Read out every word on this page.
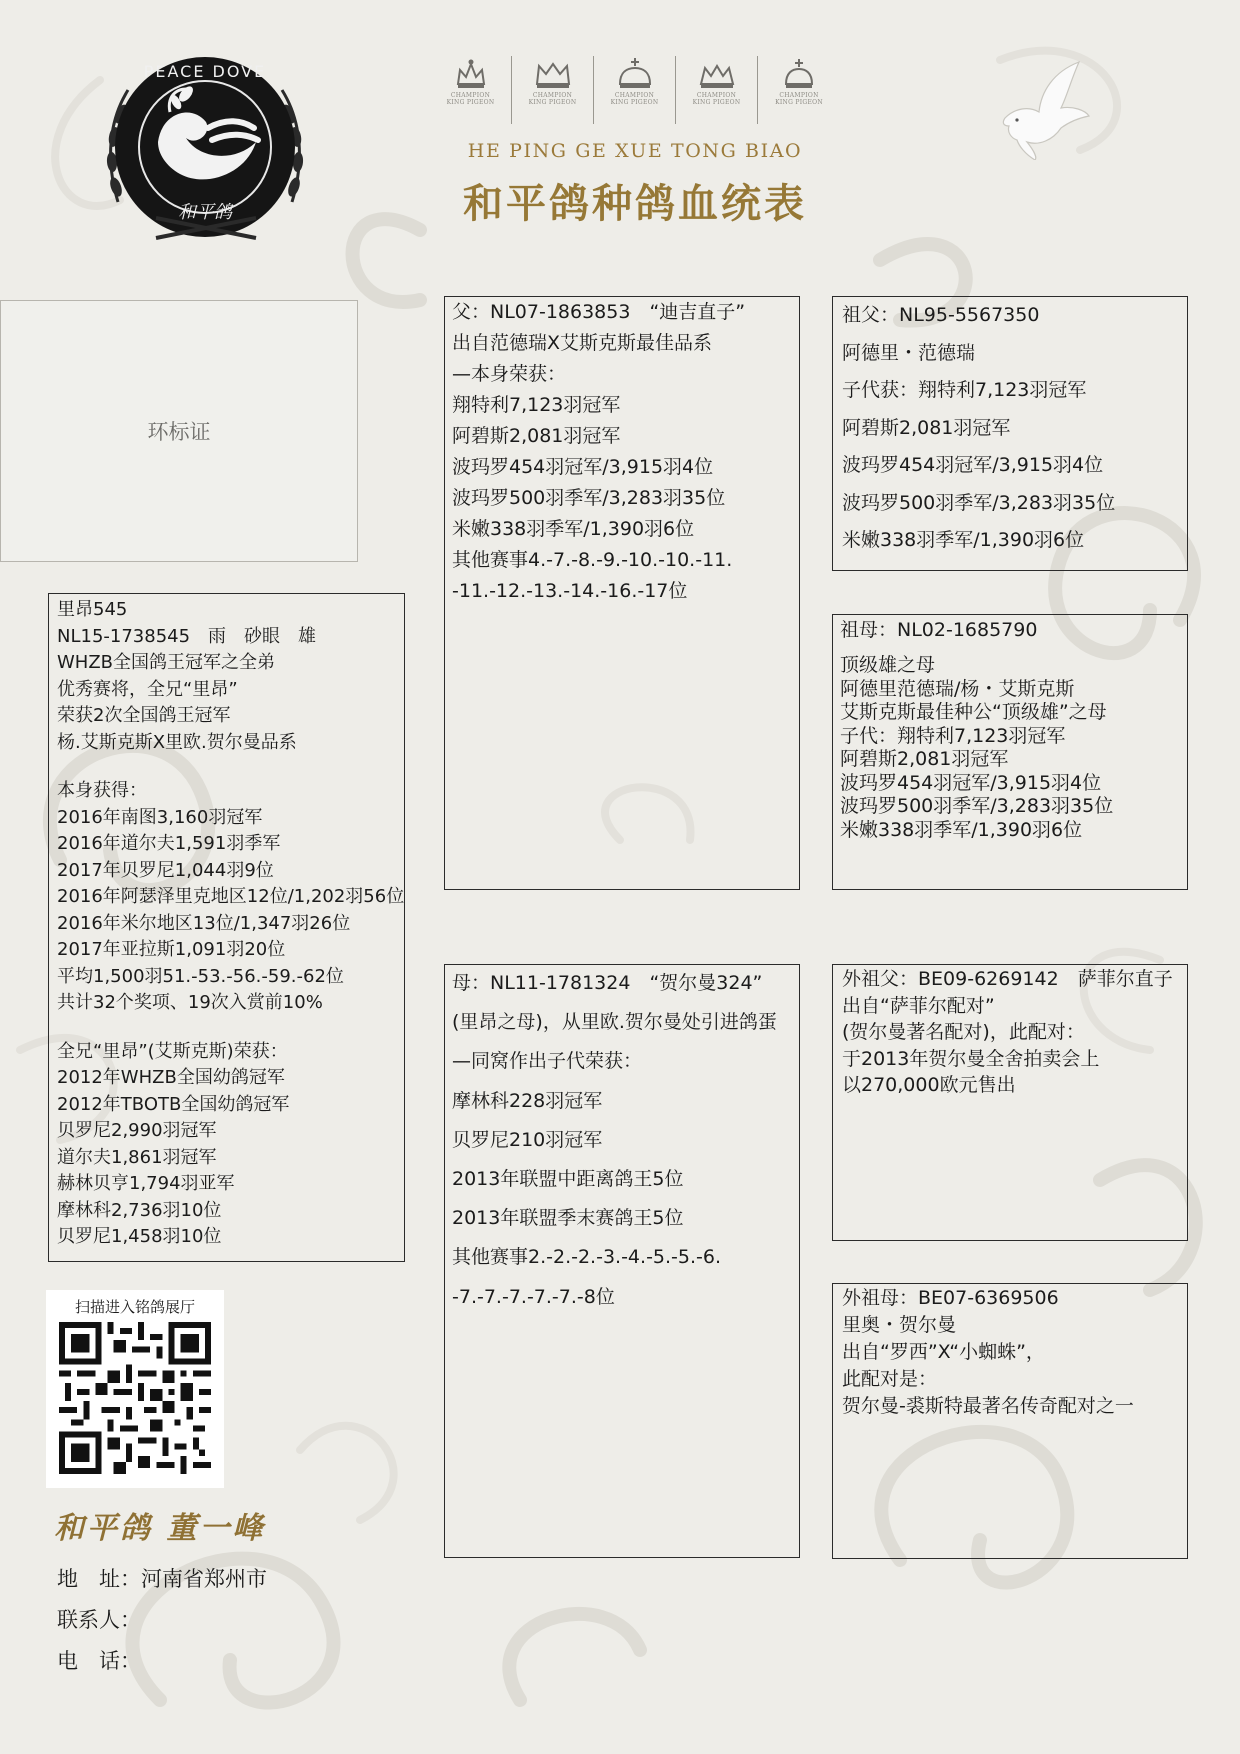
PEACE DOVE
和平鸽
CHAMPION
KING PIGEON
CHAMPION
KING PIGEON
CHAMPION
KING PIGEON
CHAMPION
KING PIGEON
CHAMPION
KING PIGEON
HE PING GE XUE TONG BIAO
和平鸽种鸽血统表
环标证
里昂545
NL15-1738545　雨　砂眼　雄
WHZB全国鸽王冠军之全弟
优秀赛将，全兄“里昂”
荣获2次全国鸽王冠军
杨.艾斯克斯X里欧.贺尔曼品系
本身获得：
2016年南图3,160羽冠军
2016年道尔夫1,591羽季军
2017年贝罗尼1,044羽9位
2016年阿瑟泽里克地区12位/1,202羽56位
2016年米尔地区13位/1,347羽26位
2017年亚拉斯1,091羽20位
平均1,500羽51.-53.-56.-59.-62位
共计32个奖项、19次入赏前10%
全兄“里昂”(艾斯克斯)荣获：
2012年WHZB全国幼鸽冠军
2012年TBOTB全国幼鸽冠军
贝罗尼2,990羽冠军
道尔夫1,861羽冠军
赫林贝亨1,794羽亚军
摩林科2,736羽10位
贝罗尼1,458羽10位
父：NL07-1863853　“迪吉直子”
出自范德瑞X艾斯克斯最佳品系
—本身荣获：
翔特利7,123羽冠军
阿碧斯2,081羽冠军
波玛罗454羽冠军/3,915羽4位
波玛罗500羽季军/3,283羽35位
米嫩338羽季军/1,390羽6位
其他赛事4.-7.-8.-9.-10.-10.-11.
-11.-12.-13.-14.-16.-17位
母：NL11-1781324　“贺尔曼324”
(里昂之母)，从里欧.贺尔曼处引进鸽蛋
—同窝作出子代荣获：
摩林科228羽冠军
贝罗尼210羽冠军
2013年联盟中距离鸽王5位
2013年联盟季末赛鸽王5位
其他赛事2.-2.-2.-3.-4.-5.-5.-6.
-7.-7.-7.-7.-7.-8位
祖父：NL95-5567350
阿德里・范德瑞
子代获：翔特利7,123羽冠军
阿碧斯2,081羽冠军
波玛罗454羽冠军/3,915羽4位
波玛罗500羽季军/3,283羽35位
米嫩338羽季军/1,390羽6位
祖母：NL02-1685790
顶级雄之母
阿德里范德瑞/杨・艾斯克斯
艾斯克斯最佳种公“顶级雄”之母
子代：翔特利7,123羽冠军
阿碧斯2,081羽冠军
波玛罗454羽冠军/3,915羽4位
波玛罗500羽季军/3,283羽35位
米嫩338羽季军/1,390羽6位
外祖父：BE09-6269142　萨菲尔直子
出自“萨菲尔配对”
(贺尔曼著名配对)，此配对：
于2013年贺尔曼全舍拍卖会上
以270,000欧元售出
外祖母：BE07-6369506
里奥・贺尔曼
出自“罗西”X“小蜘蛛”，
此配对是：
贺尔曼-裘斯特最著名传奇配对之一
扫描进入铭鸽展厅
和平鸽 董一峰
地　址：河南省郑州市
联系人：
电　话：
